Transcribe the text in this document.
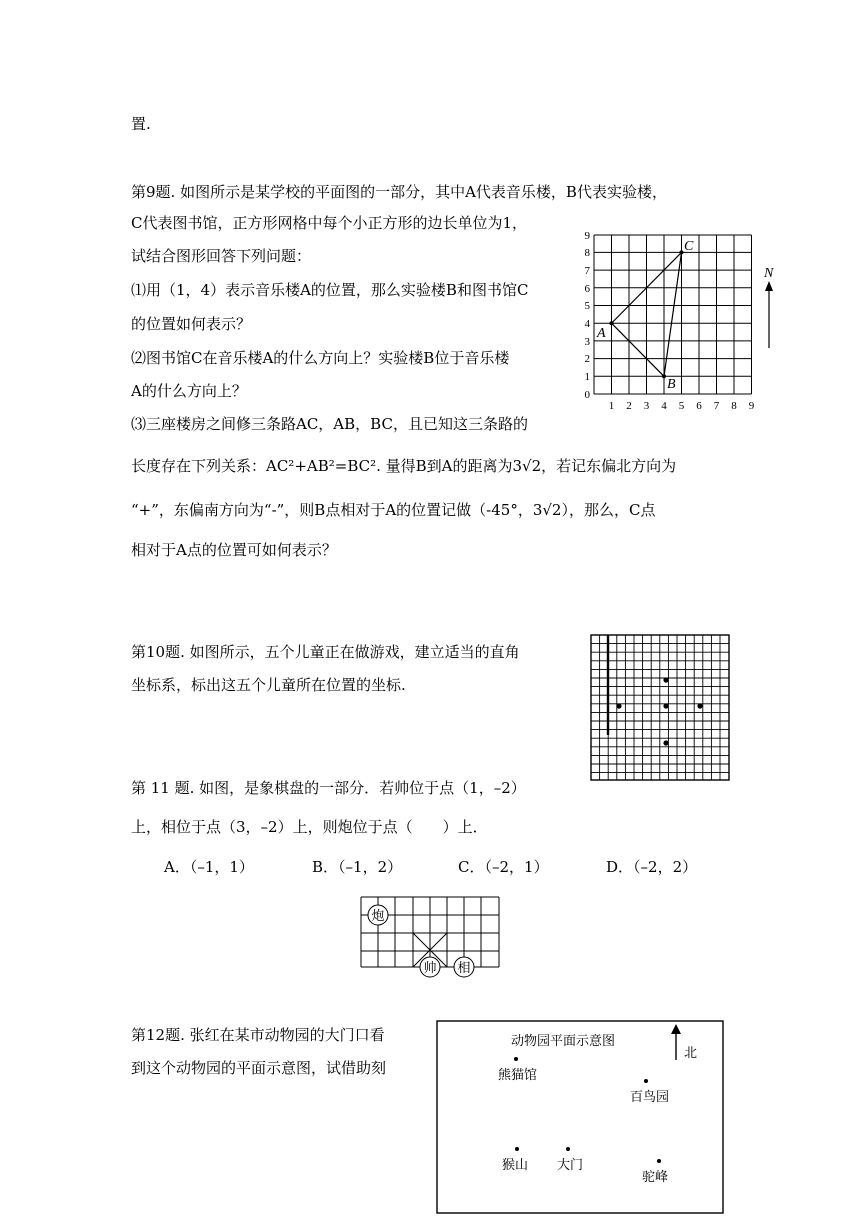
置.
第9题. 如图所示是某学校的平面图的一部分，其中A代表音乐楼，B代表实验楼，
C代表图书馆，正方形网格中每个小正方形的边长单位为1，
试结合图形回答下列问题：
⑴用（1，4）表示音乐楼A的位置，那么实验楼B和图书馆C
的位置如何表示？
⑵图书馆C在音乐楼A的什么方向上？实验楼B位于音乐楼
A的什么方向上？
⑶三座楼房之间修三条路AC，AB，BC，且已知这三条路的
长度存在下列关系：AC²+AB²=BC². 量得B到A的距离为3√2，若记东偏北方向为
“+”，东偏南方向为“-”，则B点相对于A的位置记做（-45°，3√2），那么，C点
相对于A点的位置可如何表示？
0
1
2
3
4
5
6
7
8
9
1 2 3 4 5 6 7 8 9
A
B
C
N
第10题. 如图所示，五个儿童正在做游戏，建立适当的直角
坐标系，标出这五个儿童所在位置的坐标.
第 11 题. 如图，是象棋盘的一部分．若帅位于点（1，–2）
上，相位于点（3，–2）上，则炮位于点（　　）上．
A．（–1，1）	B．（–1，2）	C．（–2，1）	D．（–2，2）
炮
帅 相
第12题. 张红在某市动物园的大门口看
到这个动物园的平面示意图，试借助刻
动物园平面示意图
北
熊猫馆
百鸟园
猴山 大门
驼峰
